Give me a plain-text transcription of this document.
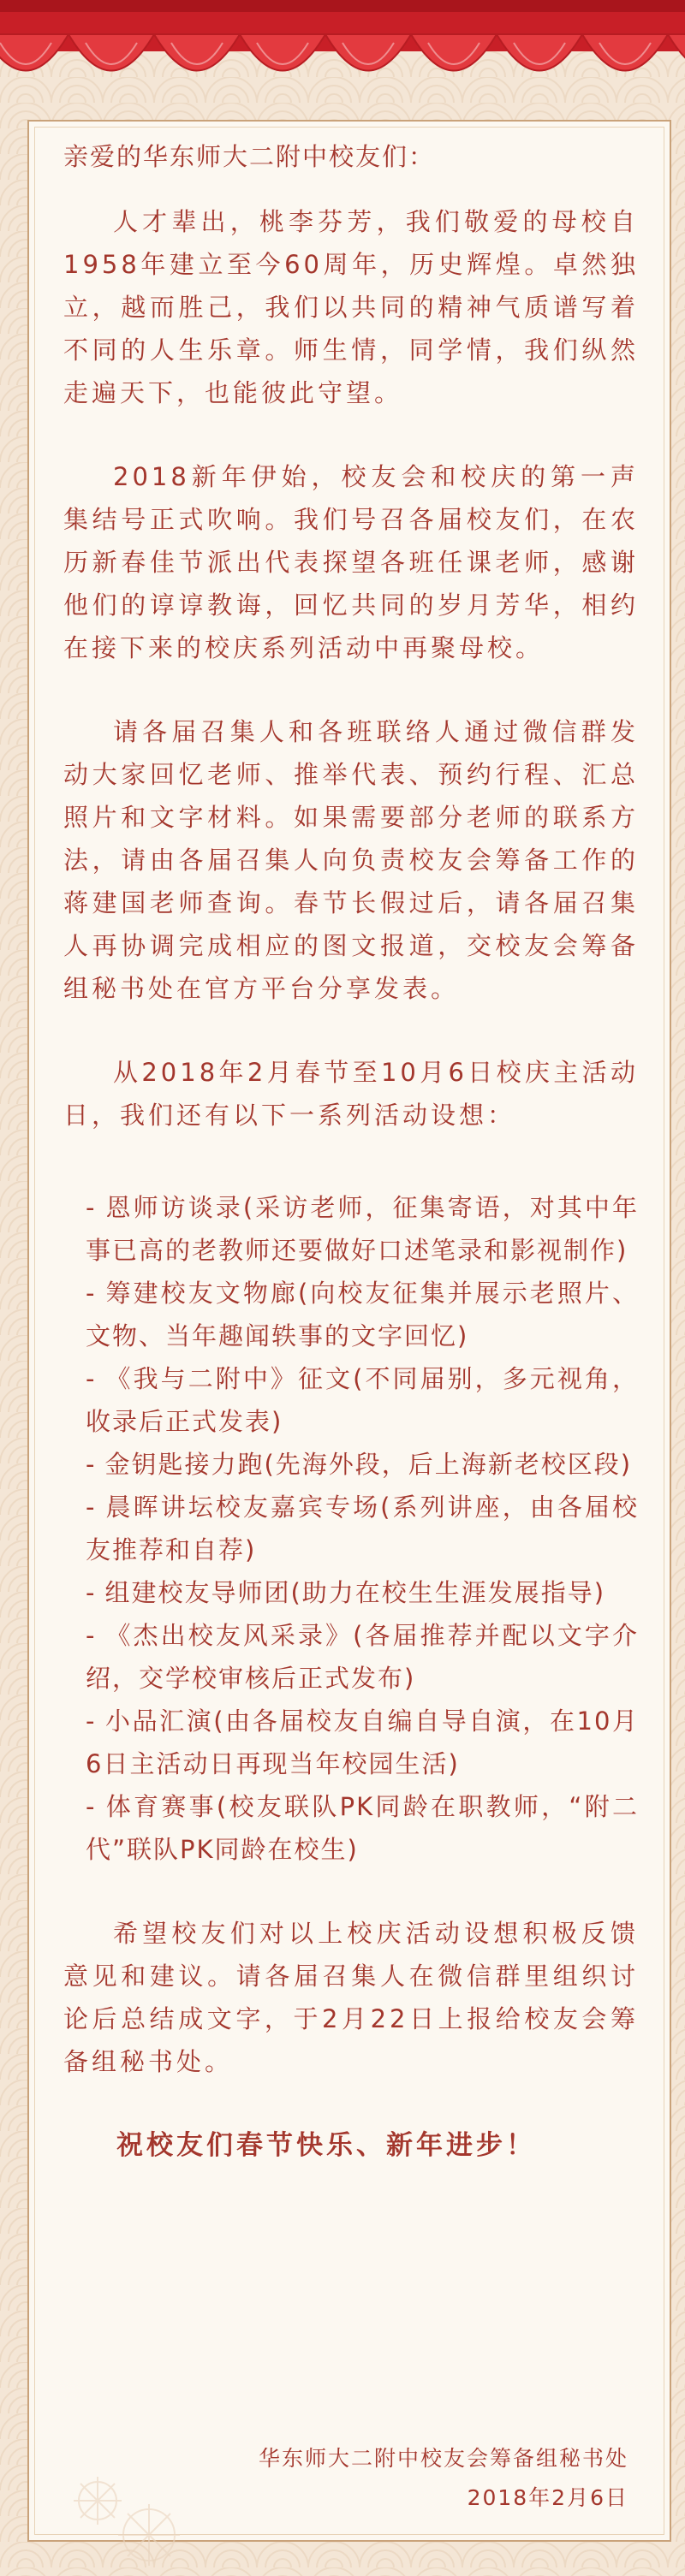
亲爱的华东师大二附中校友们：

人才辈出，桃李芬芳，我们敬爱的母校自1958年建立至今60周年，历史辉煌。卓然独立，越而胜己，我们以共同的精神气质谱写着不同的人生乐章。师生情，同学情，我们纵然走遍天下，也能彼此守望。

2018新年伊始，校友会和校庆的第一声集结号正式吹响。我们号召各届校友们，在农历新春佳节派出代表探望各班任课老师，感谢他们的谆谆教诲，回忆共同的岁月芳华，相约在接下来的校庆系列活动中再聚母校。

请各届召集人和各班联络人通过微信群发动大家回忆老师、推举代表、预约行程、汇总照片和文字材料。如果需要部分老师的联系方法，请由各届召集人向负责校友会筹备工作的蒋建国老师查询。春节长假过后，请各届召集人再协调完成相应的图文报道，交校友会筹备组秘书处在官方平台分享发表。

从2018年2月春节至10月6日校庆主活动日，我们还有以下一系列活动设想：

- 恩师访谈录(采访老师，征集寄语，对其中年事已高的老教师还要做好口述笔录和影视制作)
- 筹建校友文物廊(向校友征集并展示老照片、文物、当年趣闻轶事的文字回忆)
- 《我与二附中》征文(不同届别，多元视角，收录后正式发表)
- 金钥匙接力跑(先海外段，后上海新老校区段)
- 晨晖讲坛校友嘉宾专场(系列讲座，由各届校友推荐和自荐)
- 组建校友导师团(助力在校生生涯发展指导)
- 《杰出校友风采录》(各届推荐并配以文字介绍，交学校审核后正式发布)
- 小品汇演(由各届校友自编自导自演，在10月6日主活动日再现当年校园生活)
- 体育赛事(校友联队PK同龄在职教师，“附二代”联队PK同龄在校生)

希望校友们对以上校庆活动设想积极反馈意见和建议。请各届召集人在微信群里组织讨论后总结成文字，于2月22日上报给校友会筹备组秘书处。

祝校友们春节快乐、新年进步！

华东师大二附中校友会筹备组秘书处
2018年2月6日
